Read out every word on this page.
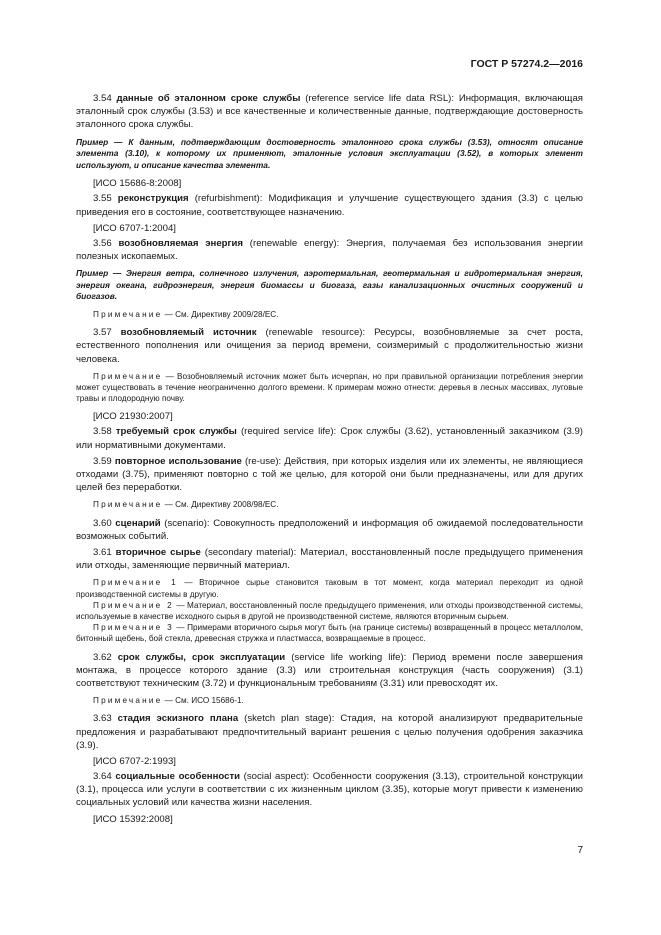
ГОСТ Р 57274.2—2016

3.54 данные об эталонном сроке службы (reference service life data RSL): Информация, включающая эталонный срок службы (3.53) и все качественные и количественные данные, подтверждающие достоверность эталонного срока службы.

Пример — К данным, подтверждающим достоверность эталонного срока службы (3.53), относят описание элемента (3.10), к которому их применяют, эталонные условия эксплуатации (3.52), в которых элемент используют, и описание качества элемента.

[ИСО 15686-8:2008]

3.55 реконструкция (refurbishment): Модификация и улучшение существующего здания (3.3) с целью приведения его в состояние, соответствующее назначению.

[ИСО 6707-1:2004]

3.56 возобновляемая энергия (renewable energy): Энергия, получаемая без использования энергии полезных ископаемых.

Пример — Энергия ветра, солнечного излучения, аэротермальная, геотермальная и гидротермальная энергия, энергия океана, гидроэнергия, энергия биомассы и биогаза, газы канализационных очистных сооружений и биогазов.

Примечание — См. Директиву 2009/28/ЕС.

3.57 возобновляемый источник (renewable resource): Ресурсы, возобновляемые за счет роста, естественного пополнения или очищения за период времени, соизмеримый с продолжительностью жизни человека.

Примечание — Возобновляемый источник может быть исчерпан, но при правильной организации потребления энергии может существовать в течение неограниченно долгого времени. К примерам можно отнести: деревья в лесных массивах, луговые травы и плодородную почву.

[ИСО 21930:2007]

3.58 требуемый срок службы (required service life): Срок службы (3.62), установленный заказчиком (3.9) или нормативными документами.

3.59 повторное использование (re-use): Действия, при которых изделия или их элементы, не являющиеся отходами (3.75), применяют повторно с той же целью, для которой они были предназначены, или для других целей без переработки.

Примечание — См. Директиву 2008/98/ЕС.

3.60 сценарий (scenario): Совокупность предположений и информация об ожидаемой последовательности возможных событий.

3.61 вторичное сырье (secondary material): Материал, восстановленный после предыдущего применения или отходы, заменяющие первичный материал.

Примечание 1 — Вторичное сырье становится таковым в тот момент, когда материал переходит из одной производственной системы в другую.

Примечание 2 — Материал, восстановленный после предыдущего применения, или отходы производственной системы, используемые в качестве исходного сырья в другой не производственной системе, являются вторичным сырьем.

Примечание 3 — Примерами вторичного сырья могут быть (на границе системы) возвращенный в процесс металлолом, битонный щебень, бой стекла, древесная стружка и пластмасса, возвращаемые в процесс.

3.62 срок службы, срок эксплуатации (service life working life): Период времени после завершения монтажа, в процессе которого здание (3.3) или строительная конструкция (часть сооружения) (3.1) соответствуют техническим (3.72) и функциональным требованиям (3.31) или превосходят их.

Примечание — См. ИСО 15686-1.

3.63 стадия эскизного плана (sketch plan stage): Стадия, на которой анализируют предварительные предложения и разрабатывают предпочтительный вариант решения с целью получения одобрения заказчика (3.9).

[ИСО 6707-2:1993]

3.64 социальные особенности (social aspect): Особенности сооружения (3.13), строительной конструкции (3.1), процесса или услуги в соответствии с их жизненным циклом (3.35), которые могут привести к изменению социальных условий или качества жизни населения.

[ИСО 15392:2008]

7
